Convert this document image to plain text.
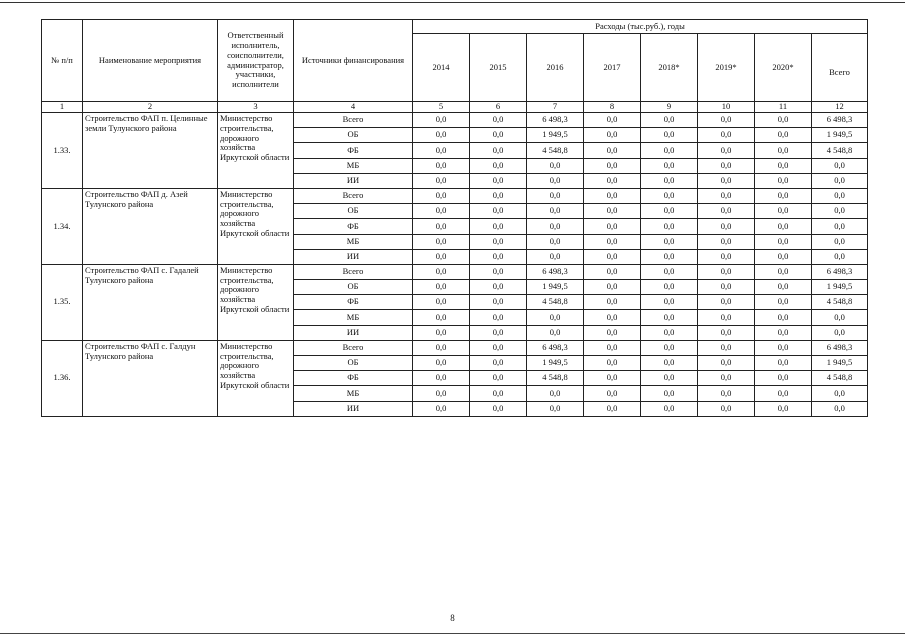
№ п/п	Наименование мероприятия	Ответственный исполнитель, соисполнители, администратор, участники, исполнители	Источники финансирования	Расходы (тыс.руб.), годы							
				2014	2015	2016	2017	2018*	2019*	2020*	Всего
1	2	3	4	5	6	7	8	9	10	11	12
1.33.	Строительство ФАП п. Целинные земли Тулунского района	Министерство строительства, дорожного хозяйства Иркутской области	Всего	0,0	0,0	6 498,3	0,0	0,0	0,0	0,0	6 498,3
			ОБ	0,0	0,0	1 949,5	0,0	0,0	0,0	0,0	1 949,5
			ФБ	0,0	0,0	4 548,8	0,0	0,0	0,0	0,0	4 548,8
			МБ	0,0	0,0	0,0	0,0	0,0	0,0	0,0	0,0
			ИИ	0,0	0,0	0,0	0,0	0,0	0,0	0,0	0,0
1.34.	Строительство ФАП д. Азей Тулунского района	Министерство строительства, дорожного хозяйства Иркутской области	Всего	0,0	0,0	0,0	0,0	0,0	0,0	0,0	0,0
			ОБ	0,0	0,0	0,0	0,0	0,0	0,0	0,0	0,0
			ФБ	0,0	0,0	0,0	0,0	0,0	0,0	0,0	0,0
			МБ	0,0	0,0	0,0	0,0	0,0	0,0	0,0	0,0
			ИИ	0,0	0,0	0,0	0,0	0,0	0,0	0,0	0,0
1.35.	Строительство ФАП с. Гадалей Тулунского района	Министерство строительства, дорожного хозяйства Иркутской области	Всего	0,0	0,0	6 498,3	0,0	0,0	0,0	0,0	6 498,3
			ОБ	0,0	0,0	1 949,5	0,0	0,0	0,0	0,0	1 949,5
			ФБ	0,0	0,0	4 548,8	0,0	0,0	0,0	0,0	4 548,8
			МБ	0,0	0,0	0,0	0,0	0,0	0,0	0,0	0,0
			ИИ	0,0	0,0	0,0	0,0	0,0	0,0	0,0	0,0
1.36.	Строительство ФАП с. Галдун Тулунского района	Министерство строительства, дорожного хозяйства Иркутской области	Всего	0,0	0,0	6 498,3	0,0	0,0	0,0	0,0	6 498,3
			ОБ	0,0	0,0	1 949,5	0,0	0,0	0,0	0,0	1 949,5
			ФБ	0,0	0,0	4 548,8	0,0	0,0	0,0	0,0	4 548,8
			МБ	0,0	0,0	0,0	0,0	0,0	0,0	0,0	0,0
			ИИ	0,0	0,0	0,0	0,0	0,0	0,0	0,0	0,0
8
